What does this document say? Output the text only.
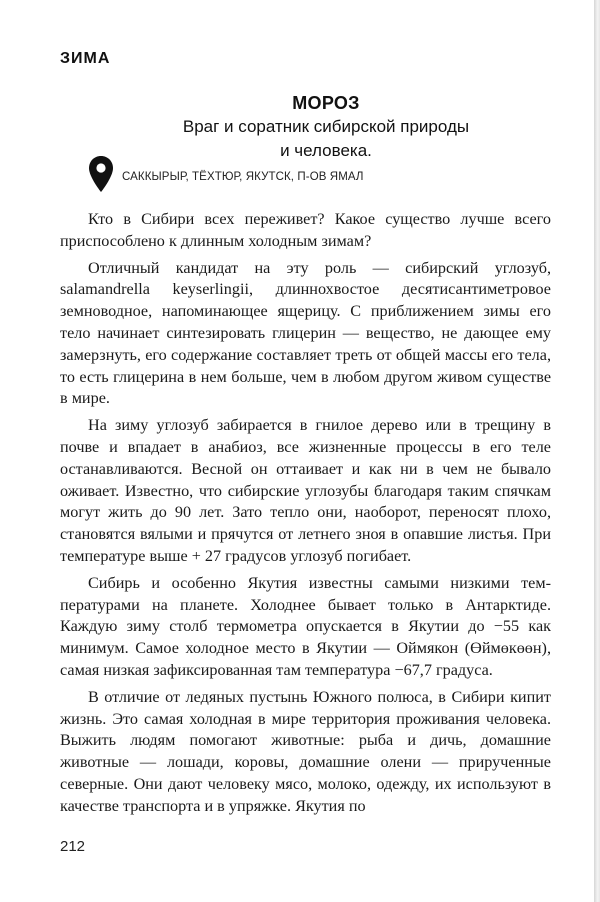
ЗИМА
МОРОЗ
Враг и соратник сибирской природы
и человека.
САККЫРЫР, ТЁХТЮР, ЯКУТСК, П-ОВ ЯМАЛ

Кто в Сибири всех переживет? Какое существо лучше всего приспособлено к длинным холодным зимам?

Отличный кандидат на эту роль — сибирский углозуб, salamandrella keyserlingii, длиннохвостое десятисантиметровое земноводное, напоминающее ящерицу. С приближением зимы его тело начинает синтезировать глицерин — вещество, не дающее ему замерзнуть, его содержание составляет треть от общей массы его тела, то есть глицерина в нем больше, чем в любом другом живом существе в мире.

На зиму углозуб забирается в гнилое дерево или в трещину в почве и впадает в анабиоз, все жизненные процессы в его теле останавливаются. Весной он оттаивает и как ни в чем не бывало оживает. Известно, что сибирские углозубы благодаря таким спячкам могут жить до 90 лет. Зато тепло они, наоборот, переносят плохо, становятся вялыми и прячутся от летнего зноя в опавшие листья. При температуре выше + 27 градусов углозуб погибает.

Сибирь и особенно Якутия известны самыми низкими температурами на планете. Холоднее бывает только в Антарктиде. Каждую зиму столб термометра опускается в Якутии до −55 как минимум. Самое холодное место в Якутии — Оймякон (Өймөкөөн), самая низкая зафиксированная там температура −67,7 градуса.

В отличие от ледяных пустынь Южного полюса, в Сибири кипит жизнь. Это самая холодная в мире территория проживания человека. Выжить людям помогают животные: рыба и дичь, домашние животные — лошади, коровы, домашние олени — прирученные северные. Они дают человеку мясо, молоко, одежду, их используют в качестве транспорта и в упряжке. Якутия по

212
